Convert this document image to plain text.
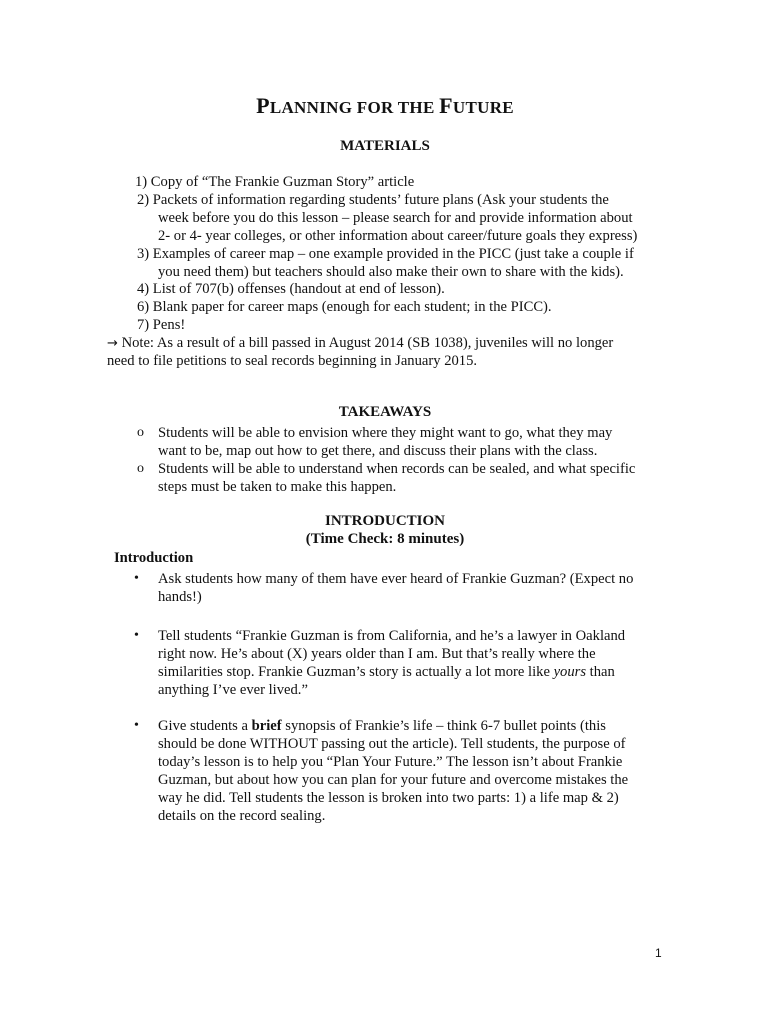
PLANNING FOR THE FUTURE
MATERIALS
1) Copy of “The Frankie Guzman Story” article
2) Packets of information regarding students’ future plans (Ask your students the
week before you do this lesson – please search for and provide information about
2- or 4- year colleges, or other information about career/future goals they express)
3) Examples of career map – one example provided in the PICC (just take a couple if
you need them) but teachers should also make their own to share with the kids).
4) List of 707(b) offenses (handout at end of lesson).
6) Blank paper for career maps (enough for each student; in the PICC).
7) Pens!
→ Note: As a result of a bill passed in August 2014 (SB 1038), juveniles will no longer
need to file petitions to seal records beginning in January 2015.
TAKEAWAYS
o Students will be able to envision where they might want to go, what they may
want to be, map out how to get there, and discuss their plans with the class.
o Students will be able to understand when records can be sealed, and what specific
steps must be taken to make this happen.
INTRODUCTION
(Time Check: 8 minutes)
Introduction
• Ask students how many of them have ever heard of Frankie Guzman? (Expect no
hands!)
• Tell students “Frankie Guzman is from California, and he’s a lawyer in Oakland
right now. He’s about (X) years older than I am. But that’s really where the
similarities stop. Frankie Guzman’s story is actually a lot more like yours than
anything I’ve ever lived.”
• Give students a brief synopsis of Frankie’s life – think 6-7 bullet points (this
should be done WITHOUT passing out the article). Tell students, the purpose of
today’s lesson is to help you “Plan Your Future.” The lesson isn’t about Frankie
Guzman, but about how you can plan for your future and overcome mistakes the
way he did. Tell students the lesson is broken into two parts: 1) a life map & 2)
details on the record sealing.
1
